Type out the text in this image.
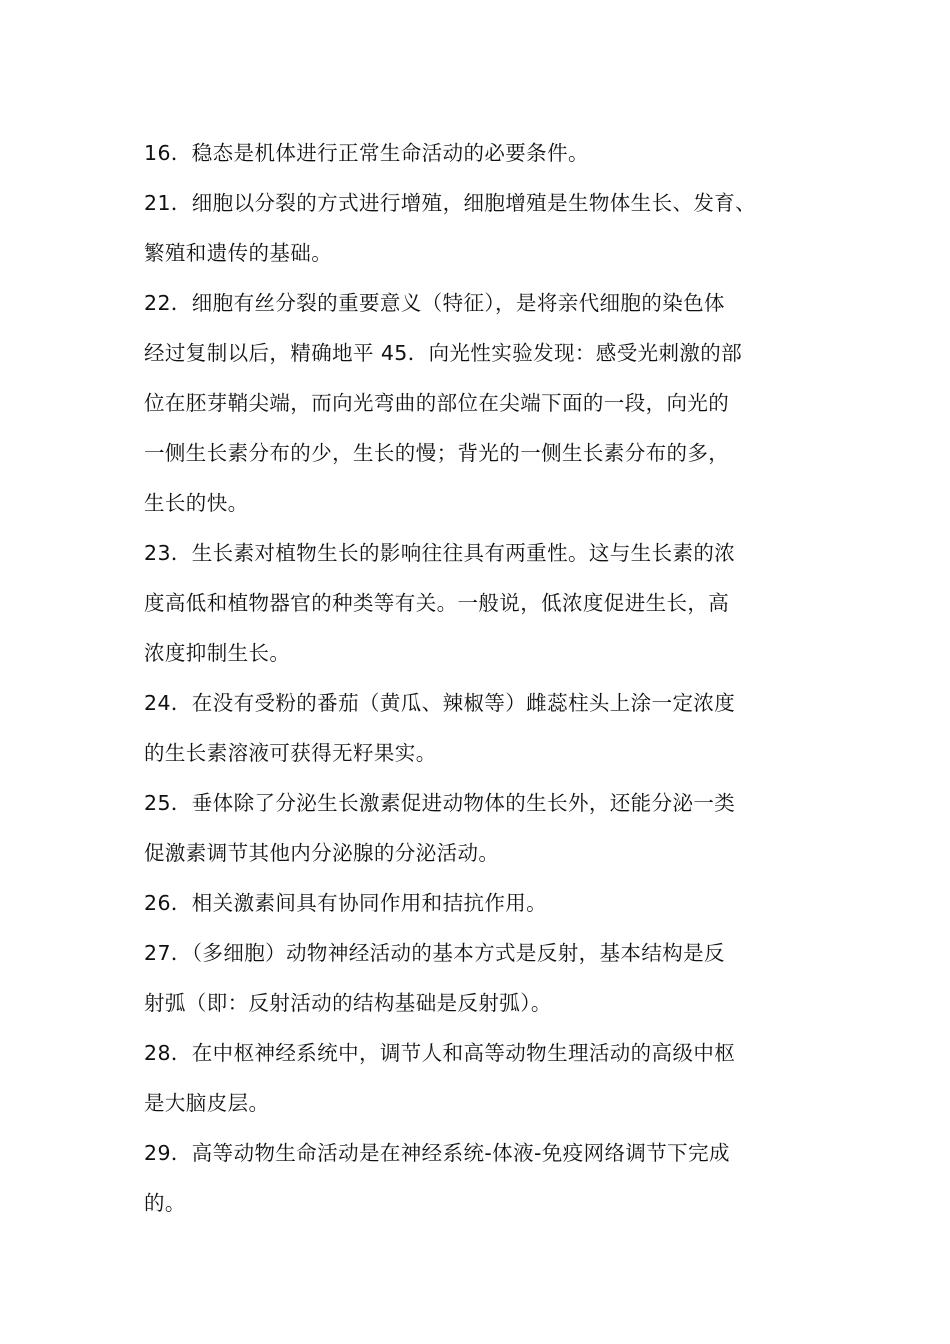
16．稳态是机体进行正常生命活动的必要条件。
21．细胞以分裂的方式进行增殖，细胞增殖是生物体生长、发育、
繁殖和遗传的基础。
22．细胞有丝分裂的重要意义（特征），是将亲代细胞的染色体
经过复制以后，精确地平 45．向光性实验发现：感受光刺激的部
位在胚芽鞘尖端，而向光弯曲的部位在尖端下面的一段，向光的
一侧生长素分布的少，生长的慢；背光的一侧生长素分布的多，
生长的快。
23．生长素对植物生长的影响往往具有两重性。这与生长素的浓
度高低和植物器官的种类等有关。一般说，低浓度促进生长，高
浓度抑制生长。
24．在没有受粉的番茄（黄瓜、辣椒等）雌蕊柱头上涂一定浓度
的生长素溶液可获得无籽果实。
25．垂体除了分泌生长激素促进动物体的生长外，还能分泌一类
促激素调节其他内分泌腺的分泌活动。
26．相关激素间具有协同作用和拮抗作用。
27．（多细胞）动物神经活动的基本方式是反射，基本结构是反
射弧（即：反射活动的结构基础是反射弧）。
28．在中枢神经系统中，调节人和高等动物生理活动的高级中枢
是大脑皮层。
29．高等动物生命活动是在神经系统-体液-免疫网络调节下完成
的。
